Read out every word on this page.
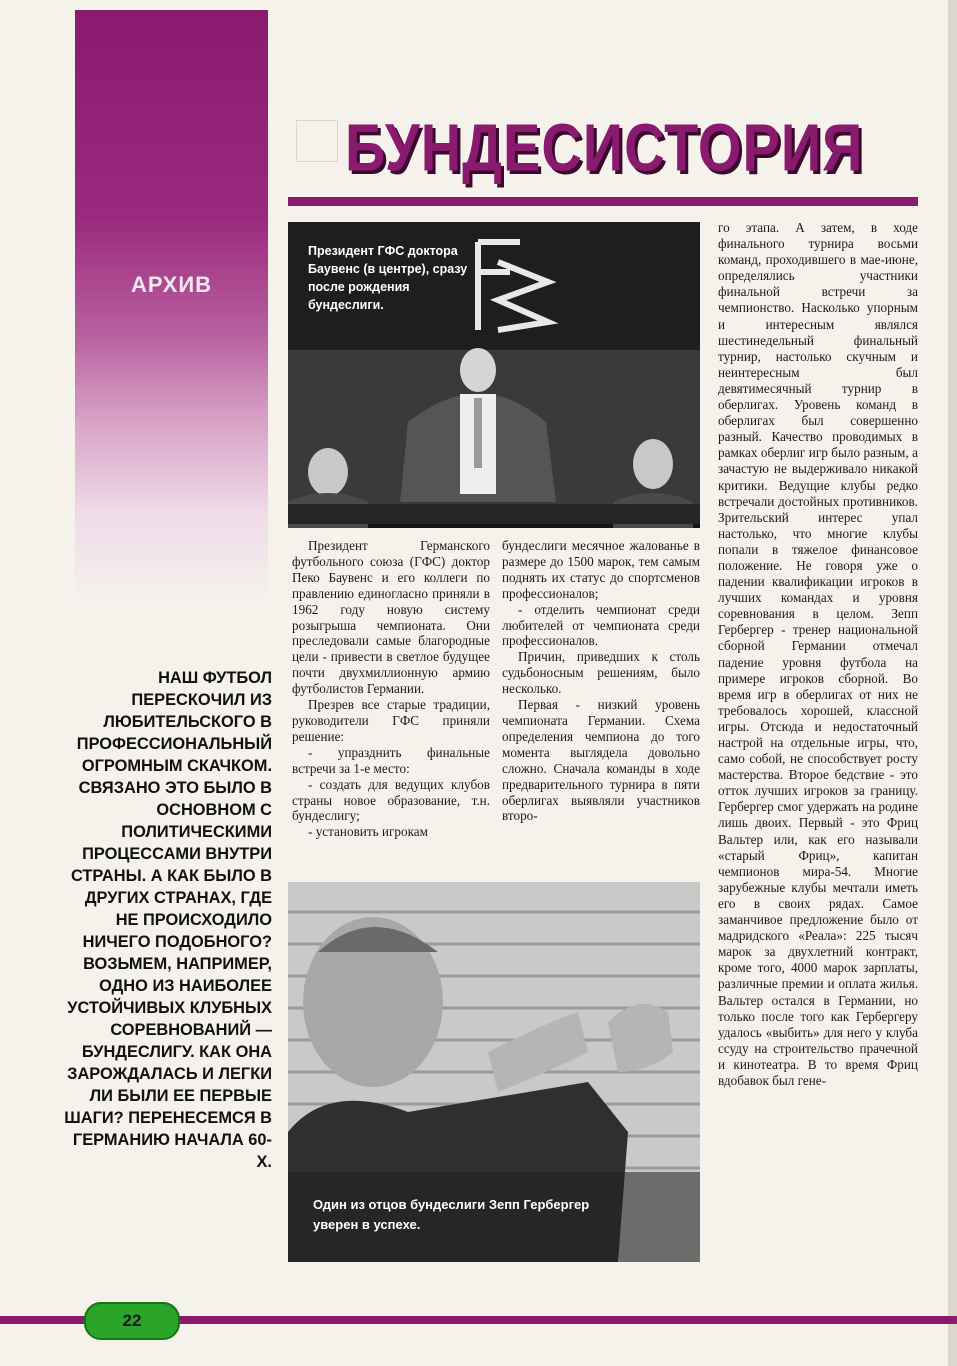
АРХИВ
БУНДЕСИСТОРИЯ
НАШ ФУТБОЛ ПЕРЕСКОЧИЛ ИЗ ЛЮБИТЕЛЬСКОГО В ПРОФЕССИОНАЛЬНЫЙ ОГРОМНЫМ СКАЧКОМ. СВЯЗАНО ЭТО БЫЛО В ОСНОВНОМ С ПОЛИТИЧЕСКИМИ ПРОЦЕССАМИ ВНУТРИ СТРАНЫ. А КАК БЫЛО В ДРУГИХ СТРАНАХ, ГДЕ НЕ ПРОИСХОДИЛО НИЧЕГО ПОДОБНОГО? ВОЗЬМЕМ, НАПРИМЕР, ОДНО ИЗ НАИБОЛЕЕ УСТОЙЧИВЫХ КЛУБНЫХ СОРЕВНОВАНИЙ —БУНДЕСЛИГУ. КАК ОНА ЗАРОЖДАЛАСЬ И ЛЕГКИ ЛИ БЫЛИ ЕЕ ПЕРВЫЕ ШАГИ? ПЕРЕНЕСЕМСЯ В ГЕРМАНИЮ НАЧАЛА 60-Х.
Президент ГФС доктора Баувенс (в центре), сразу после рождения бундеслиги.

Президент Германского футбольного союза (ГФС) доктор Пеко Баувенс и его коллеги по правлению единогласно приняли в 1962 году новую систему розыгрыша чемпионата. Они преследовали самые благородные цели - привести в светлое будущее почти двухмиллионную армию футболистов Германии.

Презрев все старые традиции, руководители ГФС приняли решение:

- упразднить финальные встречи за 1-е место:

- создать для ведущих клубов страны новое образование, т.н. бундеслигу;

- установить игрокам

бундеслиги месячное жалованье в размере до 1500 марок, тем самым поднять их статус до спортсменов профессионалов;

- отделить чемпионат среди любителей от чемпионата среди профессионалов.

Причин, приведших к столь судьбоносным решениям, было несколько.

Первая - низкий уровень чемпионата Германии. Схема определения чемпиона до того момента выглядела довольно сложно. Сначала команды в ходе предварительного турнира в пяти оберлигах выявляли участников второ-

го этапа. А затем, в ходе финального турнира восьми команд, проходившего в мае-июне, определялись участники финальной встречи за чемпионство. Насколько упорным и интересным являлся шестинедельный финальный турнир, настолько скучным и неинтересным был девятимесячный турнир в оберлигах. Уровень команд в оберлигах был совершенно разный. Качество проводимых в рамках оберлиг игр было разным, а зачастую не выдерживало никакой критики. Ведущие клубы редко встречали достойных противников. Зрительский интерес упал настолько, что многие клубы попали в тяжелое финансовое положение. Не говоря уже о падении квалификации игроков в лучших командах и уровня соревнования в целом. Зепп Гербергер - тренер национальной сборной Германии отмечал падение уровня футбола на примере игроков сборной. Во время игр в оберлигах от них не требовалось хорошей, классной игры. Отсюда и недостаточный настрой на отдельные игры, что, само собой, не способствует росту мастерства. Второе бедствие - это отток лучших игроков за границу. Гербергер смог удержать на родине лишь двоих. Первый - это Фриц Вальтер или, как его называли «старый Фриц», капитан чемпионов мира-54. Многие зарубежные клубы мечтали иметь его в своих рядах. Самое заманчивое предложение было от мадридского «Реала»: 225 тысяч марок за двухлетний контракт, кроме того, 4000 марок зарплаты, различные премии и оплата жилья. Вальтер остался в Германии, но только после того как Гербергеру удалось «выбить» для него у клуба ссуду на строительство прачечной и кинотеатра. В то время Фриц вдобавок был гене-

Один из отцов бундеслиги Зепп Гербергер уверен в успехе.
22
